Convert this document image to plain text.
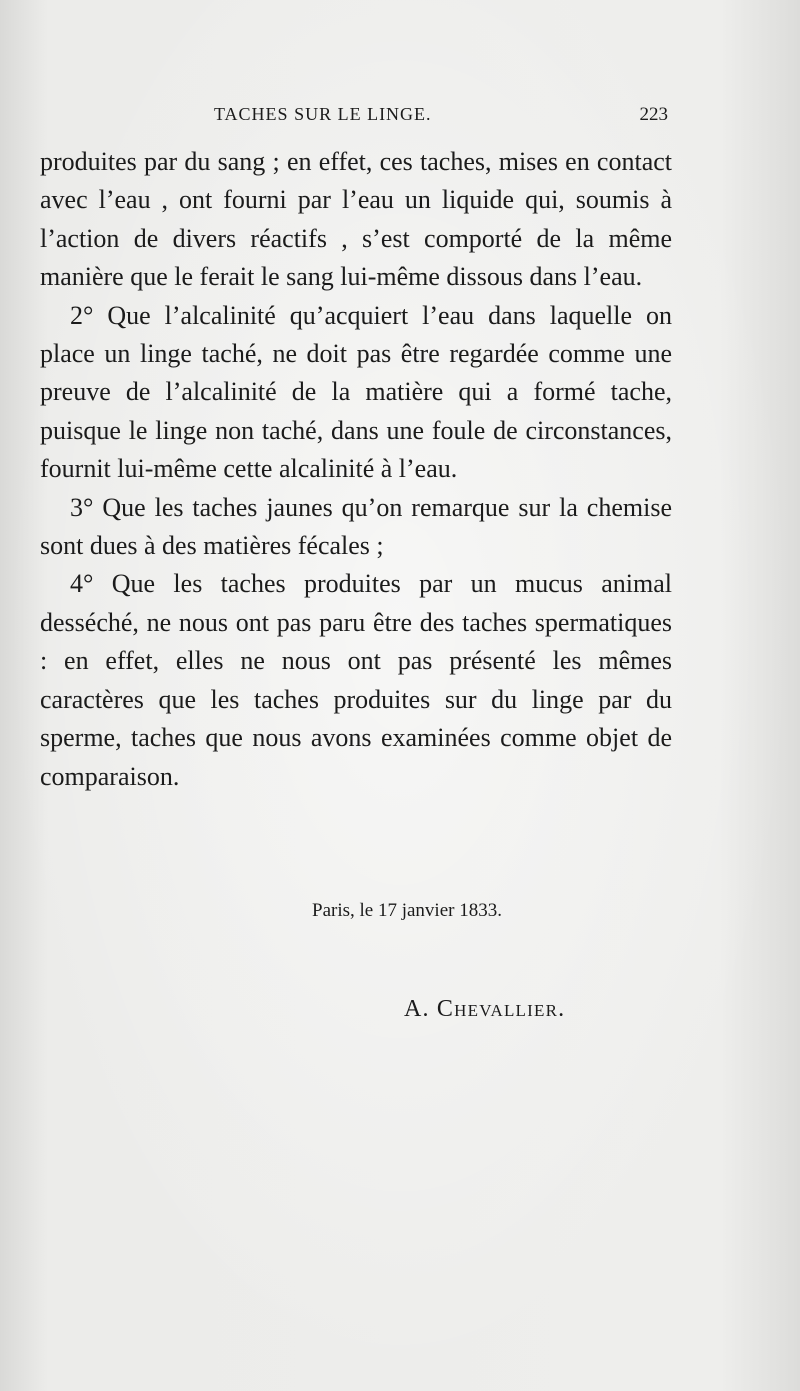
TACHES SUR LE LINGE.	223

produites par du sang ; en effet, ces taches, mises en contact avec l’eau , ont fourni par l’eau un liquide qui, soumis à l’action de divers réactifs , s’est comporté de la même manière que le ferait le sang lui-même dissous dans l’eau.

2° Que l’alcalinité qu’acquiert l’eau dans laquelle on place un linge taché, ne doit pas être regardée comme une preuve de l’alcalinité de la matière qui a formé tache, puisque le linge non taché, dans une foule de circonstances, fournit lui-même cette alcalinité à l’eau.

3° Que les taches jaunes qu’on remarque sur la chemise sont dues à des matières fécales ;

4° Que les taches produites par un mucus animal desséché, ne nous ont pas paru être des taches spermatiques : en effet, elles ne nous ont pas présenté les mêmes caractères que les taches produites sur du linge par du sperme, taches que nous avons examinées comme objet de comparaison.

Paris, le 17 janvier 1833.
A. Chevallier.
